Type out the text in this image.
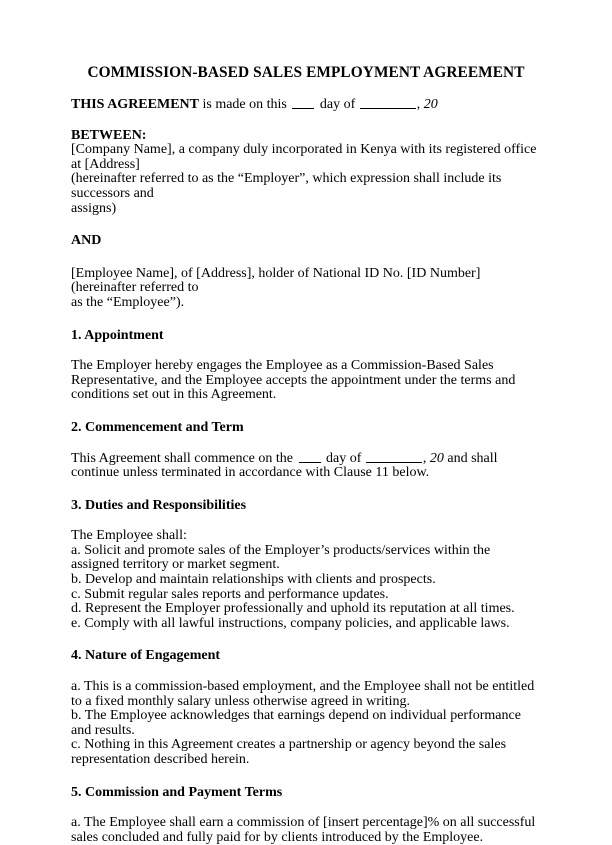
COMMISSION-BASED SALES EMPLOYMENT AGREEMENT

THIS AGREEMENT is made on this  day of	, 20

BETWEEN:

[Company Name], a company duly incorporated in Kenya with its registered office at [Address]

(hereinafter referred to as the “Employer”, which expression shall include its successors and

assigns)

AND

[Employee Name], of [Address], holder of National ID No. [ID Number] (hereinafter referred to

as the “Employee”).

1. Appointment

The Employer hereby engages the Employee as a Commission-Based Sales Representative, and the Employee accepts the appointment under the terms and conditions set out in this Agreement.

2. Commencement and Term

This Agreement shall commence on the  day of	, 20 and shall continue unless terminated in accordance with Clause 11 below.

3. Duties and Responsibilities

The Employee shall:

a. Solicit and promote sales of the Employer’s products/services within the assigned territory or market segment.

b. Develop and maintain relationships with clients and prospects.

c. Submit regular sales reports and performance updates.

d. Represent the Employer professionally and uphold its reputation at all times.

e. Comply with all lawful instructions, company policies, and applicable laws.

4. Nature of Engagement

a. This is a commission-based employment, and the Employee shall not be entitled to a fixed monthly salary unless otherwise agreed in writing.

b. The Employee acknowledges that earnings depend on individual performance and results.

c. Nothing in this Agreement creates a partnership or agency beyond the sales representation described herein.

5. Commission and Payment Terms

a. The Employee shall earn a commission of [insert percentage]% on all successful sales concluded and fully paid for by clients introduced by the Employee.
